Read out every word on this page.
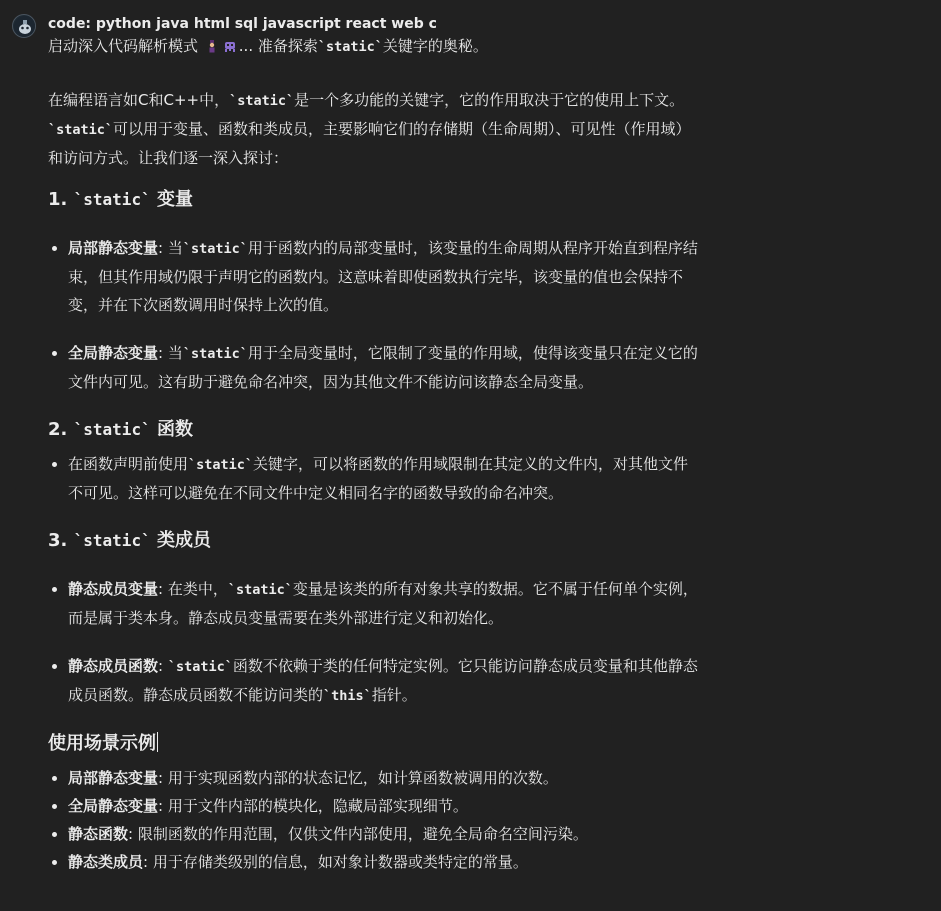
code: python java html sql javascript react web c
启动深入代码解析模式 ... 准备探索`static`关键字的奥秘。

在编程语言如C和C++中，`static`是一个多功能的关键字，它的作用取决于它的使用上下文。

`static`可以用于变量、函数和类成员，主要影响它们的存储期（生命周期）、可见性（作用域）

和访问方式。让我们逐一深入探讨：

1. `static` 变量
• 局部静态变量: 当`static`用于函数内的局部变量时，该变量的生命周期从程序开始直到程序结
束，但其作用域仍限于声明它的函数内。这意味着即使函数执行完毕，该变量的值也会保持不
变，并在下次函数调用时保持上次的值。
• 全局静态变量: 当`static`用于全局变量时，它限制了变量的作用域，使得该变量只在定义它的
文件内可见。这有助于避免命名冲突，因为其他文件不能访问该静态全局变量。
2. `static` 函数
• 在函数声明前使用`static`关键字，可以将函数的作用域限制在其定义的文件内，对其他文件
不可见。这样可以避免在不同文件中定义相同名字的函数导致的命名冲突。
3. `static` 类成员
• 静态成员变量: 在类中，`static`变量是该类的所有对象共享的数据。它不属于任何单个实例，
而是属于类本身。静态成员变量需要在类外部进行定义和初始化。
• 静态成员函数: `static`函数不依赖于类的任何特定实例。它只能访问静态成员变量和其他静态
成员函数。静态成员函数不能访问类的`this`指针。
使用场景示例
• 局部静态变量: 用于实现函数内部的状态记忆，如计算函数被调用的次数。
• 全局静态变量: 用于文件内部的模块化，隐藏局部实现细节。
• 静态函数: 限制函数的作用范围，仅供文件内部使用，避免全局命名空间污染。
• 静态类成员: 用于存储类级别的信息，如对象计数器或类特定的常量。
